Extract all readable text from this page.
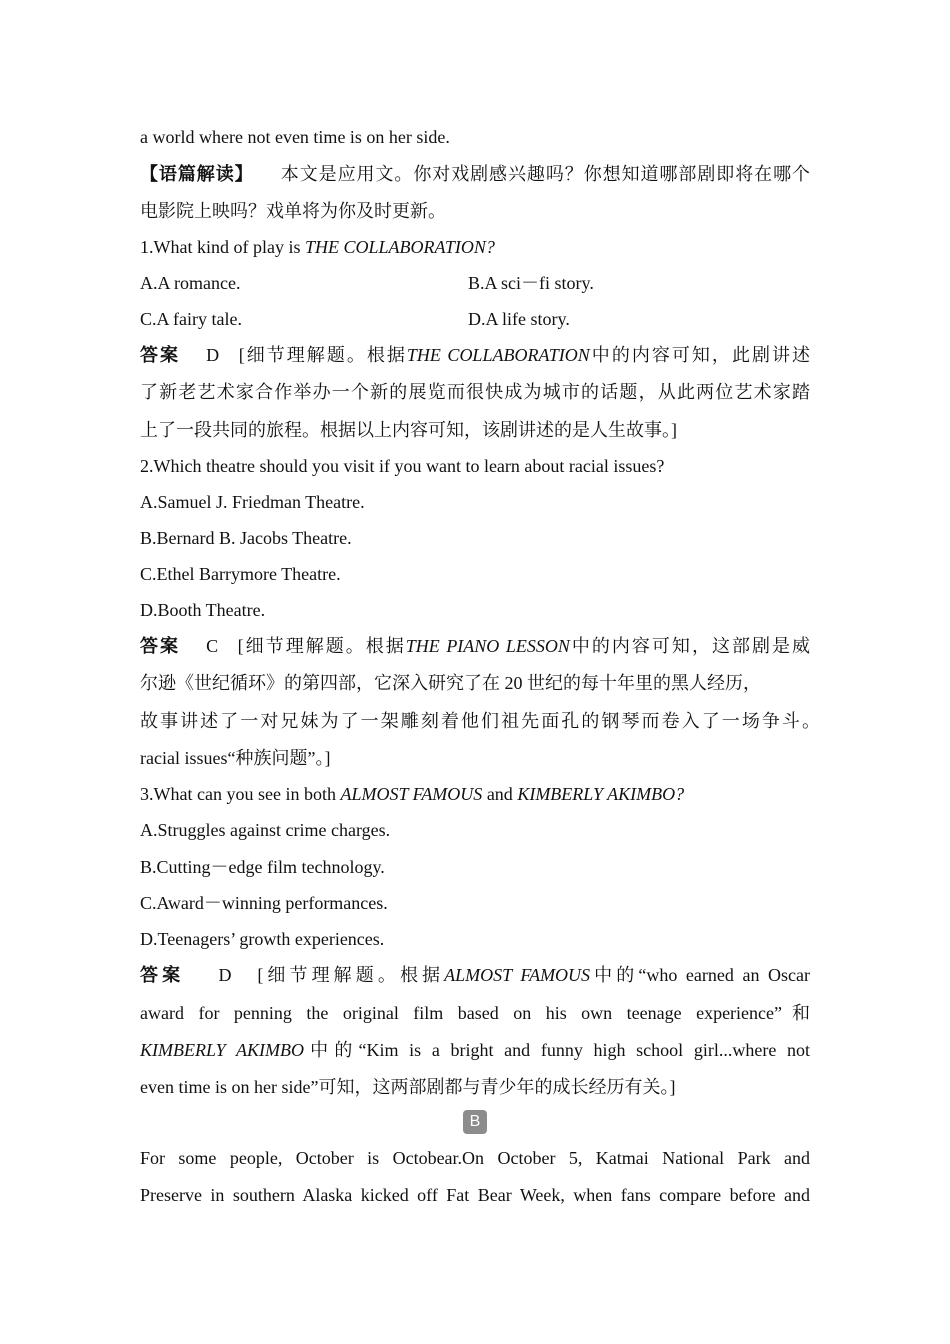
a world where not even time is on her side.
【语篇解读】 本文是应用文。你对戏剧感兴趣吗？你想知道哪部剧即将在哪个
电影院上映吗？戏单将为你及时更新。
1.What kind of play is THE COLLABORATION?
A.A romance.	B.A sci－fi story.
C.A fairy tale.	D.A life story.
答案 D [细节理解题。根据THE COLLABORATION中的内容可知，此剧讲述
了新老艺术家合作举办一个新的展览而很快成为城市的话题，从此两位艺术家踏
上了一段共同的旅程。根据以上内容可知，该剧讲述的是人生故事。]
2.Which theatre should you visit if you want to learn about racial issues?
A.Samuel J. Friedman Theatre.
B.Bernard B. Jacobs Theatre.
C.Ethel Barrymore Theatre.
D.Booth Theatre.
答案 C [细节理解题。根据THE PIANO LESSON中的内容可知，这部剧是威
尔逊《世纪循环》的第四部，它深入研究了在 20 世纪的每十年里的黑人经历，
故事讲述了一对兄妹为了一架雕刻着他们祖先面孔的钢琴而卷入了一场争斗。
racial issues“种族问题”。]
3.What can you see in both ALMOST FAMOUS and KIMBERLY AKIMBO?
A.Struggles against crime charges.
B.Cutting－edge film technology.
C.Award－winning performances.
D.Teenagers’ growth experiences.
答案 D [细节理解题。根据ALMOST FAMOUS中的“who earned an Oscar
award for penning the original film based on his own teenage experience”和
KIMBERLY AKIMBO中的“Kim is a bright and funny high school girl...where not
even time is on her side”可知，这两部剧都与青少年的成长经历有关。]
B
For some people, October is Octobear.On October 5, Katmai National Park and
Preserve in southern Alaska kicked off Fat Bear Week, when fans compare before and
